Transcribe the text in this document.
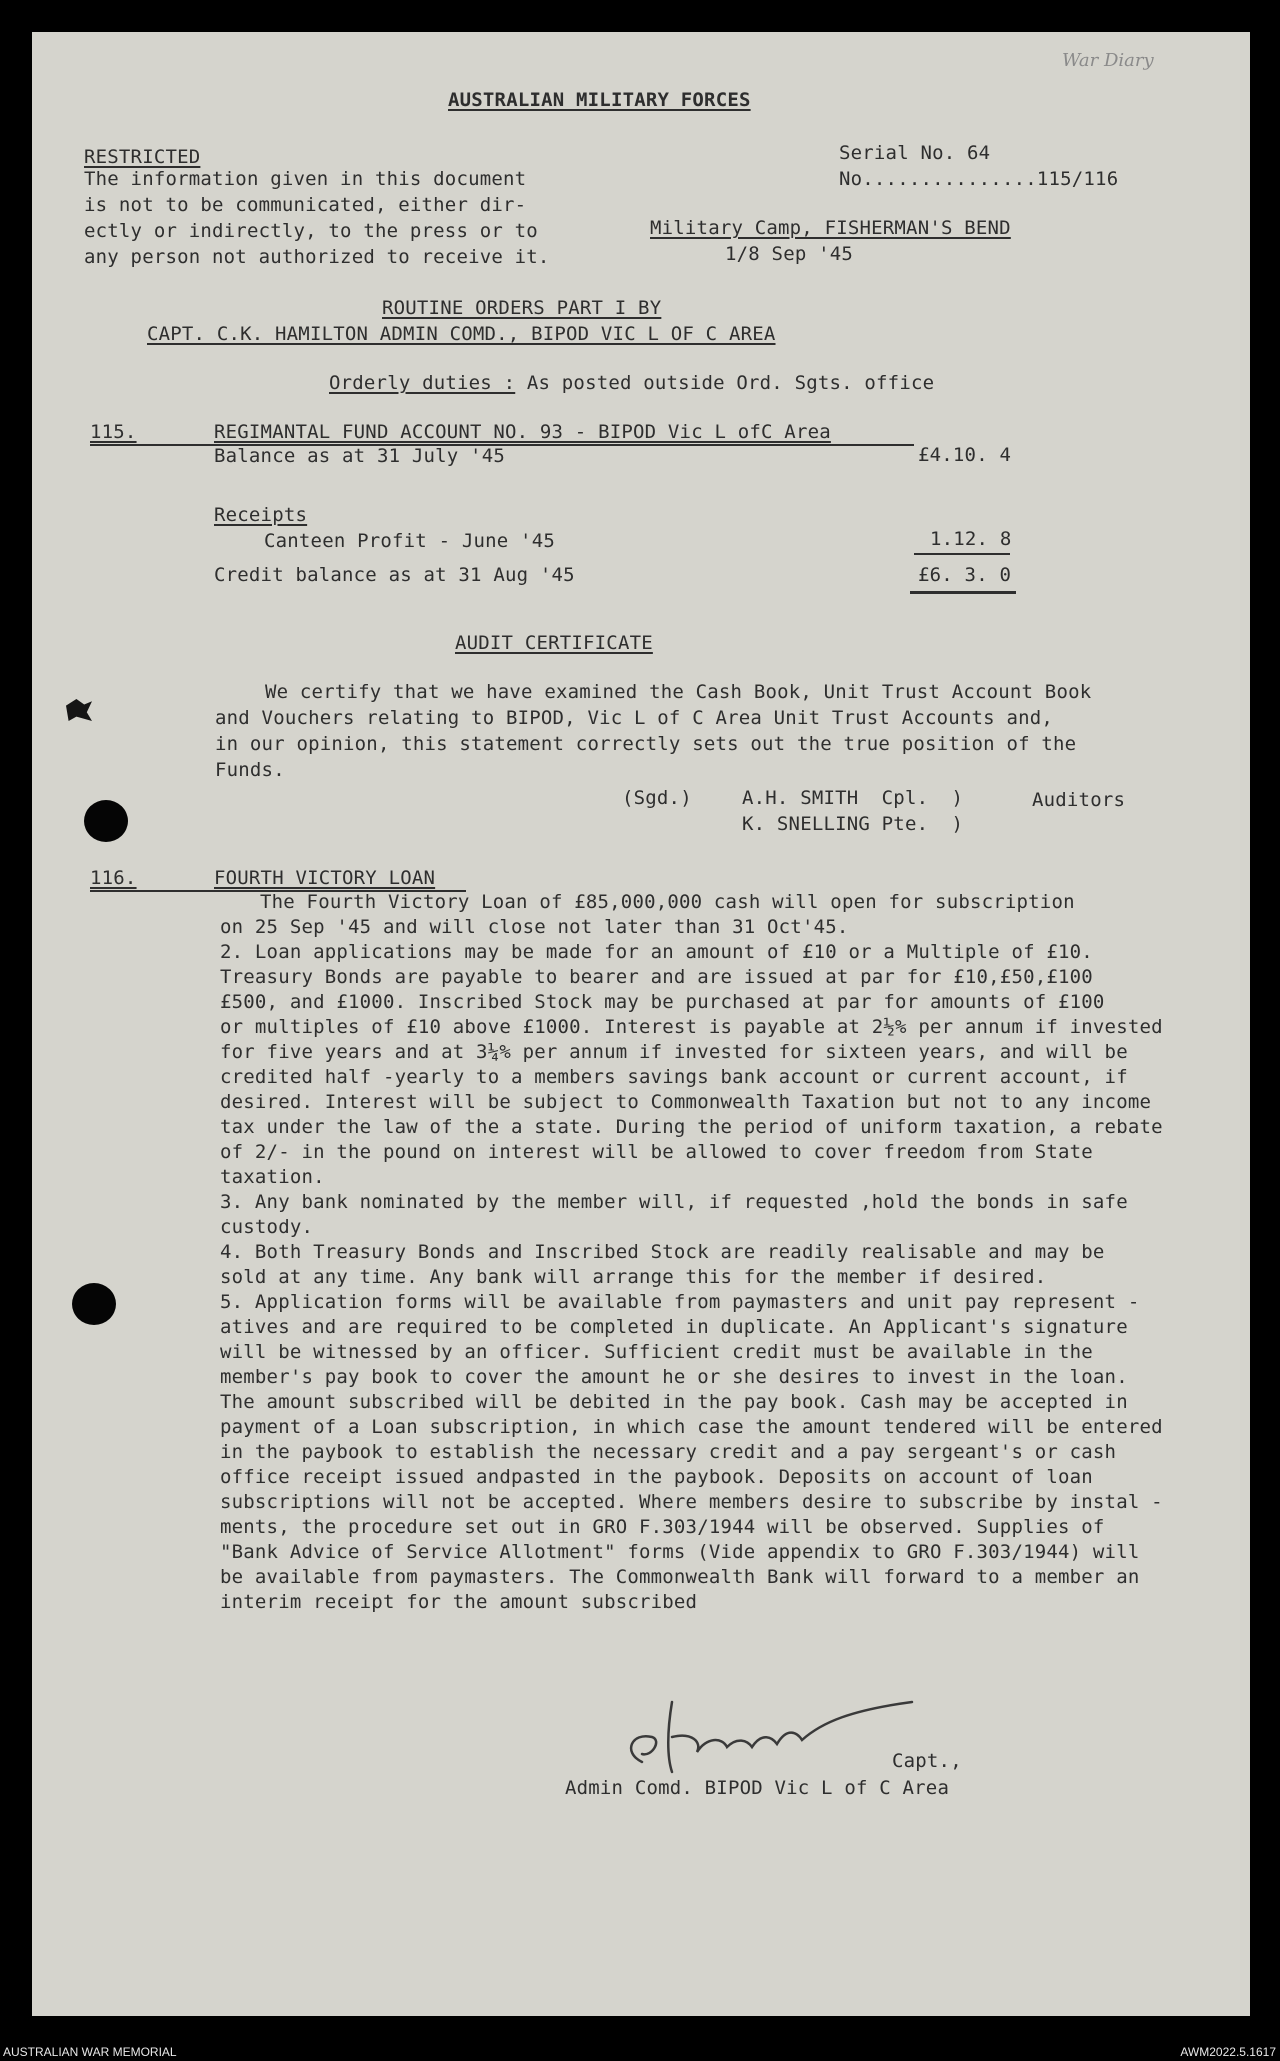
War Diary
AUSTRALIAN MILITARY FORCES
RESTRICTED
The information given in this document
is not to be communicated, either dir-
ectly or indirectly, to the press or to
any person not authorized to receive it.
Serial No. 64
No...............115/116
Military Camp, FISHERMAN'S BEND
1/8 Sep '45
ROUTINE ORDERS PART I BY
CAPT. C.K. HAMILTON ADMIN COMD., BIPOD VIC L OF C AREA
Orderly duties : As posted outside Ord. Sgts. office
115.	REGIMANTAL FUND ACCOUNT NO. 93 - BIPOD Vic L ofC Area
Balance as at 31 July '45	£4.10. 4
Receipts
Canteen Profit - June '45	1.12. 8
Credit balance as at 31 Aug '45	£6. 3. 0
AUDIT CERTIFICATE
We certify that we have examined the Cash Book, Unit Trust Account Book
and Vouchers relating to BIPOD, Vic L of C Area Unit Trust Accounts and,
in our opinion, this statement correctly sets out the true position of the
Funds.
(Sgd.)	A.H. SMITH  Cpl.  )
K. SNELLING Pte.  )
Auditors
116.	FOURTH VICTORY LOAN
The Fourth Victory Loan of £85,000,000 cash will open for subscription
on 25 Sep '45 and will close not later than 31 Oct'45.
2. Loan applications may be made for an amount of £10 or a Multiple of £10.
Treasury Bonds are payable to bearer and are issued at par for £10,£50,£100
£500, and £1000. Inscribed Stock may be purchased at par for amounts of £100
or multiples of £10 above £1000. Interest is payable at 2½% per annum if invested
for five years and at 3¼% per annum if invested for sixteen years, and will be
credited half -yearly to a members savings bank account or current account, if
desired. Interest will be subject to Commonwealth Taxation but not to any income
tax under the law of the a state. During the period of uniform taxation, a rebate
of 2/- in the pound on interest will be allowed to cover freedom from State
taxation.
3. Any bank nominated by the member will, if requested ,hold the bonds in safe
custody.
4. Both Treasury Bonds and Inscribed Stock are readily realisable and may be
sold at any time. Any bank will arrange this for the member if desired.
5. Application forms will be available from paymasters and unit pay represent -
atives and are required to be completed in duplicate. An Applicant's signature
will be witnessed by an officer. Sufficient credit must be available in the
member's pay book to cover the amount he or she desires to invest in the loan.
The amount subscribed will be debited in the pay book. Cash may be accepted in
payment of a Loan subscription, in which case the amount tendered will be entered
in the paybook to establish the necessary credit and a pay sergeant's or cash
office receipt issued andpasted in the paybook. Deposits on account of loan
subscriptions will not be accepted. Where members desire to subscribe by instal -
ments, the procedure set out in GRO F.303/1944 will be observed. Supplies of
"Bank Advice of Service Allotment" forms (Vide appendix to GRO F.303/1944) will
be available from paymasters. The Commonwealth Bank will forward to a member an
interim receipt for the amount subscribed
Capt.,
Admin Comd. BIPOD Vic L of C Area
AUSTRALIAN WAR MEMORIAL	AWM2022.5.1617
